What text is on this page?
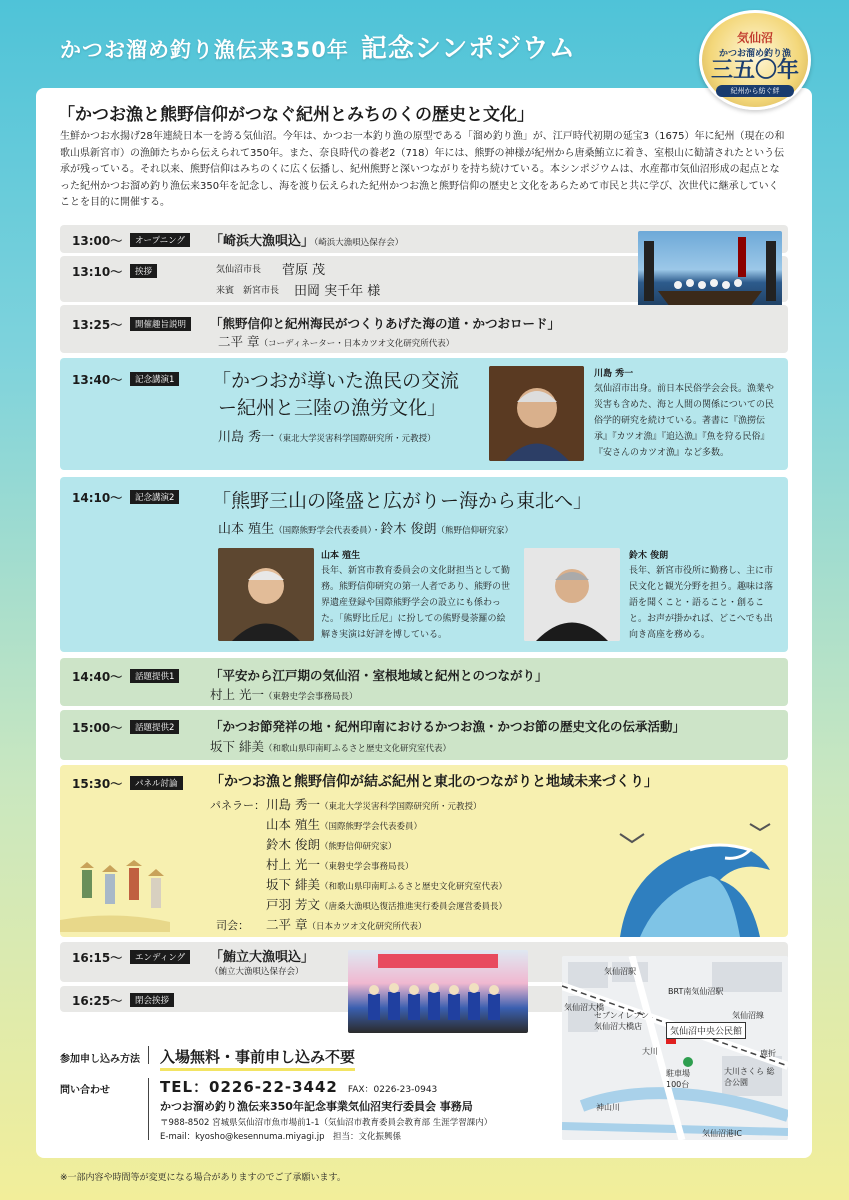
かつお溜め釣り漁伝来350年 記念シンポジウム	気仙沼
かつお溜め釣り漁
三五〇年
紀州から紡ぐ絆
「かつお漁と熊野信仰がつなぐ紀州とみちのくの歴史と文化」
生鮮かつお水揚げ28年連続日本一を誇る気仙沼。今年は、かつお一本釣り漁の原型である「溜め釣り漁」が、江戸時代初期の延宝3（1675）年に紀州（現在の和歌山県新宮市）の漁師たちから伝えられて350年。また、奈良時代の養老2（718）年には、熊野の神様が紀州から唐桑鮪立に着き、室根山に勧請されたという伝承が残っている。それ以来、熊野信仰はみちのくに広く伝播し、紀州熊野と深いつながりを持ち続けている。本シンポジウムは、水産都市気仙沼形成の起点となった紀州かつお溜め釣り漁伝来350年を記念し、海を渡り伝えられた紀州かつお漁と熊野信仰の歴史と文化をあらためて市民と共に学び、次世代に継承していくことを目的に開催する。
13:00〜	オープニング	「崎浜大漁唄込」（崎浜大漁唄込保存会）
13:10〜	挨拶	気仙沼市長 菅原 茂
来賓　新宮市長 田岡 実千年 様
13:25〜	開催趣旨説明	「熊野信仰と紀州海民がつくりあげた海の道・かつおロード」
二平 章（コーディネーター・日本カツオ文化研究所代表）
13:40〜	記念講演1 「かつおが導いた漁民の交流
ー紀州と三陸の漁労文化」
川島 秀一（東北大学災害科学国際研究所・元教授）
川島 秀一
気仙沼市出身。前日本民俗学会会長。漁業や災害も含めた、海と人間の関係についての民俗学的研究を続けている。著書に『漁撈伝承』『カツオ漁』『追込漁』『魚を狩る民俗』『安さんのカツオ漁』など多数。
14:10〜	記念講演2 「熊野三山の隆盛と広がりー海から東北へ」
山本 殖生（国際熊野学会代表委員）・鈴木 俊朗（熊野信仰研究家）
山本 殖生
長年、新宮市教育委員会の文化財担当として勤務。熊野信仰研究の第一人者であり、熊野の世界遺産登録や国際熊野学会の設立にも係わった。「熊野比丘尼」に扮しての熊野曼荼羅の絵解き実演は好評を博している。
鈴木 俊朗
長年、新宮市役所に勤務し、主に市民文化と観光分野を担う。趣味は落語を聞くこと・語ること・創ること。お声が掛かれば、どこへでも出向き高座を務める。
14:40〜	話題提供1	「平安から江戸期の気仙沼・室根地域と紀州とのつながり」
村上 光一（東磐史学会事務局長）
15:00〜	話題提供2	「かつお節発祥の地・紀州印南におけるかつお漁・かつお節の歴史文化の伝承活動」
坂下 緋美（和歌山県印南町ふるさと歴史文化研究室代表）
15:30〜	パネル討論	「かつお漁と熊野信仰が結ぶ紀州と東北のつながりと地域未来づくり」
パネラー： 川島 秀一（東北大学災害科学国際研究所・元教授）
山本 殖生（国際熊野学会代表委員）
鈴木 俊朗（熊野信仰研究家）
村上 光一（東磐史学会事務局長）
坂下 緋美（和歌山県印南町ふるさと歴史文化研究室代表）
戸羽 芳文（唐桑大漁唄込復活推進実行委員会運営委員長）
司会： 二平 章（日本カツオ文化研究所代表）
16:15〜	エンディング	「鮪立大漁唄込」
（鮪立大漁唄込保存会）
16:25〜	閉会挨拶
参加申し込み方法 入場無料・事前申し込み不要
問い合わせ	TEL：0226-22-3442 FAX：0226-23-0943
かつお溜め釣り漁伝来350年記念事業気仙沼実行委員会 事務局
〒988-8502 宮城県気仙沼市魚市場前1-1（気仙沼市教育委員会教育部 生涯学習課内）
E-mail：kyosho@kesennuma.miyagi.jp　担当：文化振興係
気仙沼駅
BRT南気仙沼駅
気仙沼大橋
セブンイレブン 気仙沼大橋店
気仙沼中央公民館
大川
駐車場 100台
大川さくら 総合公園
神山川
気仙沼港IC
鹿折
気仙沼線
※一部内容や時間等が変更になる場合がありますのでご了承願います。
